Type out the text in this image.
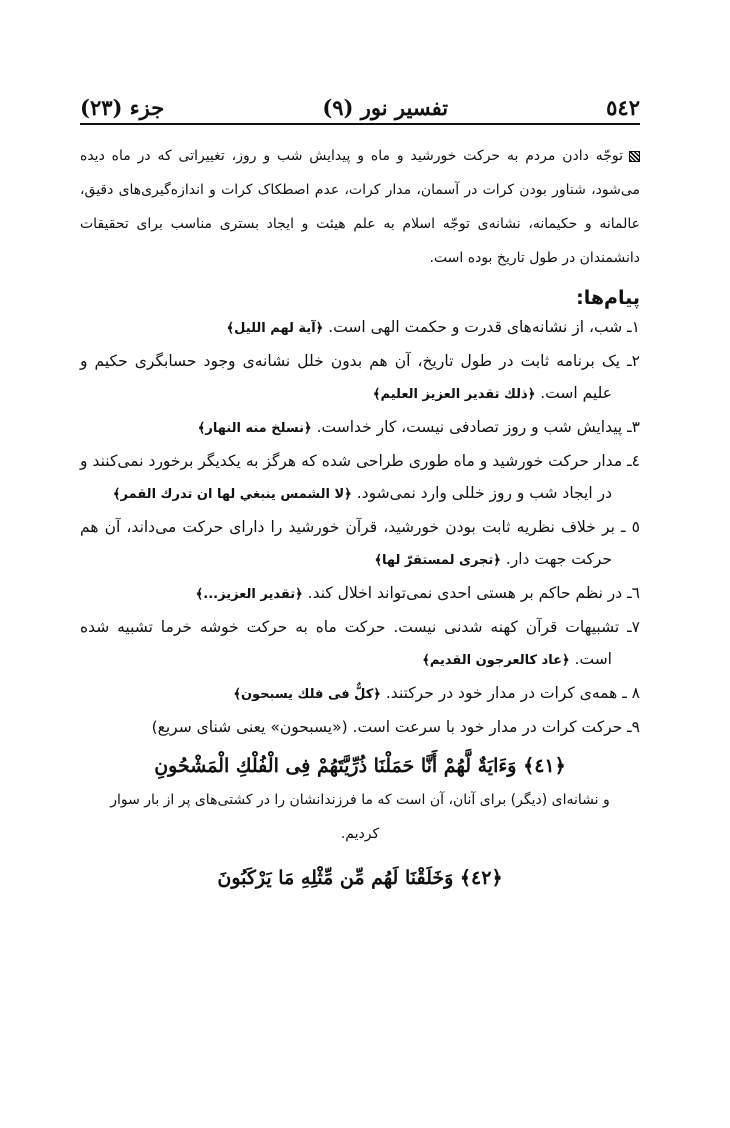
٥٤٢
تفسیر نور (٩)
جزء (٢٣)
توجّه دادن مردم به حرکت خورشید و ماه و پیدایش شب و روز، تغییراتی که در ماه دیده می‌شود، شناور بودن کرات در آسمان، مدار کرات، عدم اصطکاک کرات و اندازه‌گیری‌های دقیق، عالمانه و حکیمانه، نشانه‌ی توجّه اسلام به علم هیئت و ایجاد بستری مناسب برای تحقیقات دانشمندان در طول تاریخ بوده است.
پیام‌ها:
١ـ شب، از نشانه‌های قدرت و حکمت الهی است. ﴿آية لهم الليل﴾
٢ـ یک برنامه ثابت در طول تاریخ، آن هم بدون خلل نشانه‌ی وجود حسابگری حکیم و علیم است. ﴿ذلك تقدير العزيز العليم﴾
٣ـ پیدایش شب و روز تصادفی نیست، کار خداست. ﴿نسلخ منه النهار﴾
٤ـ مدار حرکت خورشید و ماه طوری طراحی شده که هرگز به یکدیگر برخورد نمی‌کنند و در ایجاد شب و روز خللی وارد نمی‌شود. ﴿لا الشمس ينبغي لها ان تدرك القمر﴾
٥ ـ بر خلاف نظریه ثابت بودن خورشید، قرآن خورشید را دارای حرکت می‌داند، آن هم حرکت جهت دار. ﴿تجرى لمستقرّ لها﴾
٦ـ در نظم حاکم بر هستی احدی نمی‌تواند اخلال کند. ﴿تقدير العزيز...﴾
٧ـ تشبیهات قرآن کهنه شدنی نیست. حرکت ماه به حرکت خوشه خرما تشبیه شده است. ﴿عاد كالعرجون القديم﴾
٨ ـ همه‌ی کرات در مدار خود در حرکتند. ﴿كلٌّ فى فلك يسبحون﴾
٩ـ حرکت کرات در مدار خود با سرعت است. («يسبحون» یعنی شنای سریع)
﴿٤١﴾ وَءَايَةٌ لَّهُمْ أَنَّا حَمَلْنَا ذُرِّيَّتَهُمْ فِى الْفُلْكِ الْمَشْحُونِ
و نشانه‌ای (دیگر) برای آنان، آن است که ما فرزندانشان را در کشتی‌های پر از بار سوار کردیم.
﴿٤٢﴾ وَخَلَقْنَا لَهُم مِّن مِّثْلِهِ مَا يَرْكَبُونَ
